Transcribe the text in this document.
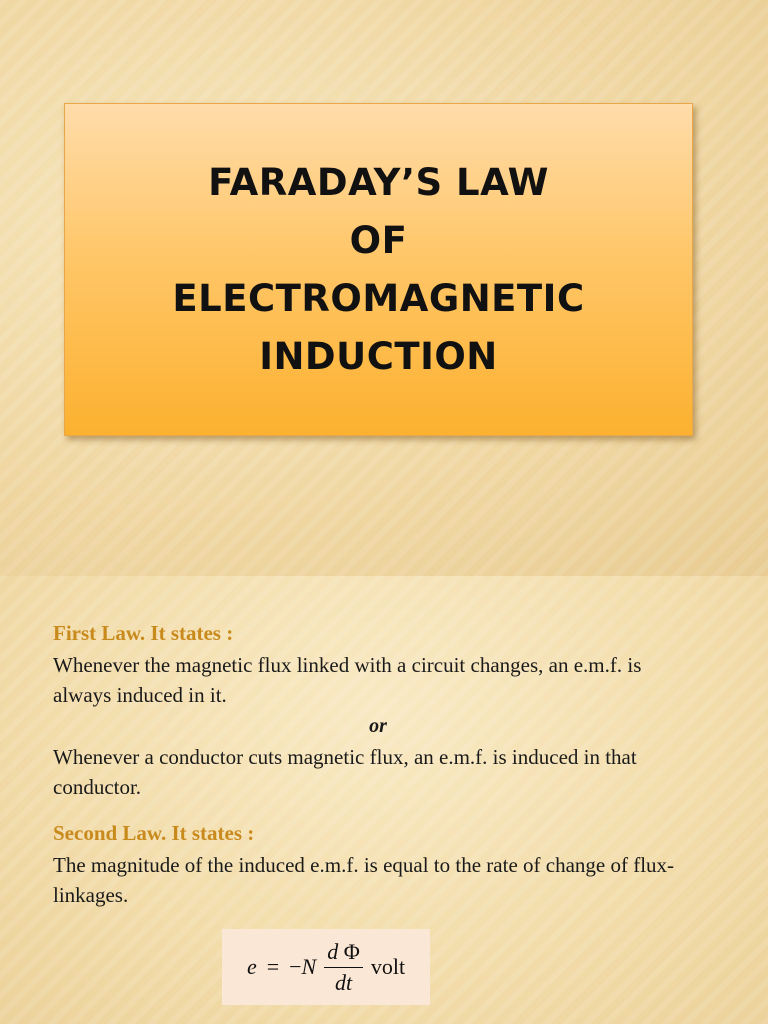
FARADAY’S LAW
OF
ELECTROMAGNETIC
INDUCTION

First Law. It states :

Whenever the magnetic flux linked with a circuit changes, an e.m.f. is always induced in it.

or

Whenever a conductor cuts magnetic flux, an e.m.f. is induced in that conductor.

Second Law. It states :

The magnitude of the induced e.m.f. is equal to the rate of change of flux-linkages.

e = − N $\frac{\text{d Φ}}{dt}$ volt
